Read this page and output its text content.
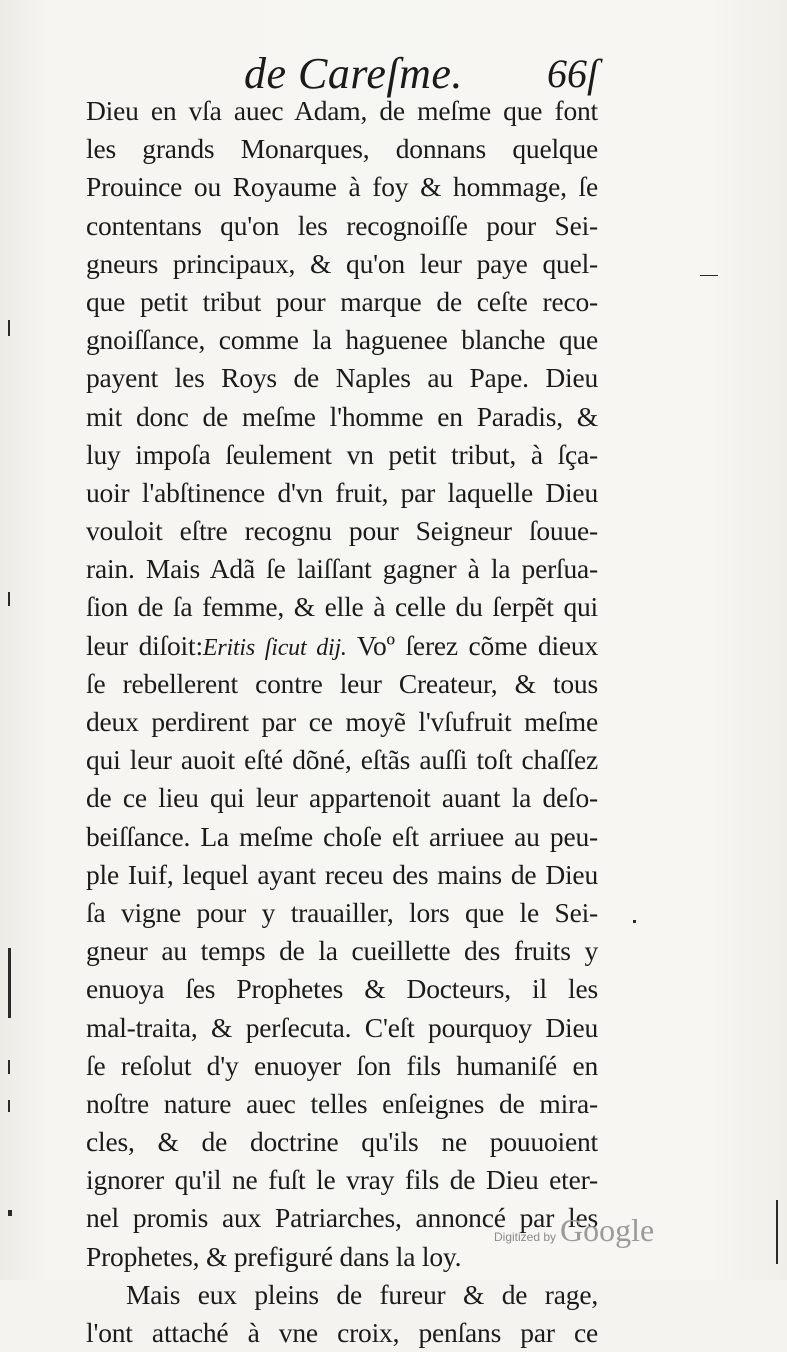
de Careſme. 66ſ
Dieu en vſa auec Adam, de meſme que font
les grands Monarques, donnans quelque
Prouince ou Royaume à foy & hommage, ſe
contentans qu'on les recognoiſſe pour Sei-
gneurs principaux, & qu'on leur paye quel-
que petit tribut pour marque de ceſte reco-
gnoiſſance, comme la haguenee blanche que
payent les Roys de Naples au Pape. Dieu
mit donc de meſme l'homme en Paradis, &
luy impoſa ſeulement vn petit tribut, à ſça-
uoir l'abſtinence d'vn fruit, par laquelle Dieu
vouloit eſtre recognu pour Seigneur ſouue-
rain. Mais Adã ſe laiſſant gagner à la perſua-
ſion de ſa femme, & elle à celle du ſerpẽt qui
leur diſoit:Eritis ſicut dij. Voº ſerez cõme dieux
ſe rebellerent contre leur Createur, & tous
deux perdirent par ce moyẽ l'vſufruit meſme
qui leur auoit eſté dõné, eſtãs auſſi toſt chaſſez
de ce lieu qui leur appartenoit auant la deſo-
beiſſance. La meſme choſe eſt arriuee au peu-
ple Iuif, lequel ayant receu des mains de Dieu
ſa vigne pour y trauailler, lors que le Sei-
gneur au temps de la cueillette des fruits y
enuoya ſes Prophetes & Docteurs, il les
mal-traita, & perſecuta. C'eſt pourquoy Dieu
ſe reſolut d'y enuoyer ſon fils humaniſé en
noſtre nature auec telles enſeignes de mira-
cles, & de doctrine qu'ils ne pouuoient
ignorer qu'il ne fuſt le vray fils de Dieu eter-
nel promis aux Patriarches, annoncé par les
Prophetes, & prefiguré dans la loy.
Mais eux pleins de fureur & de rage,
l'ont attaché à vne croix, penſans par ce
Digitized by Google
